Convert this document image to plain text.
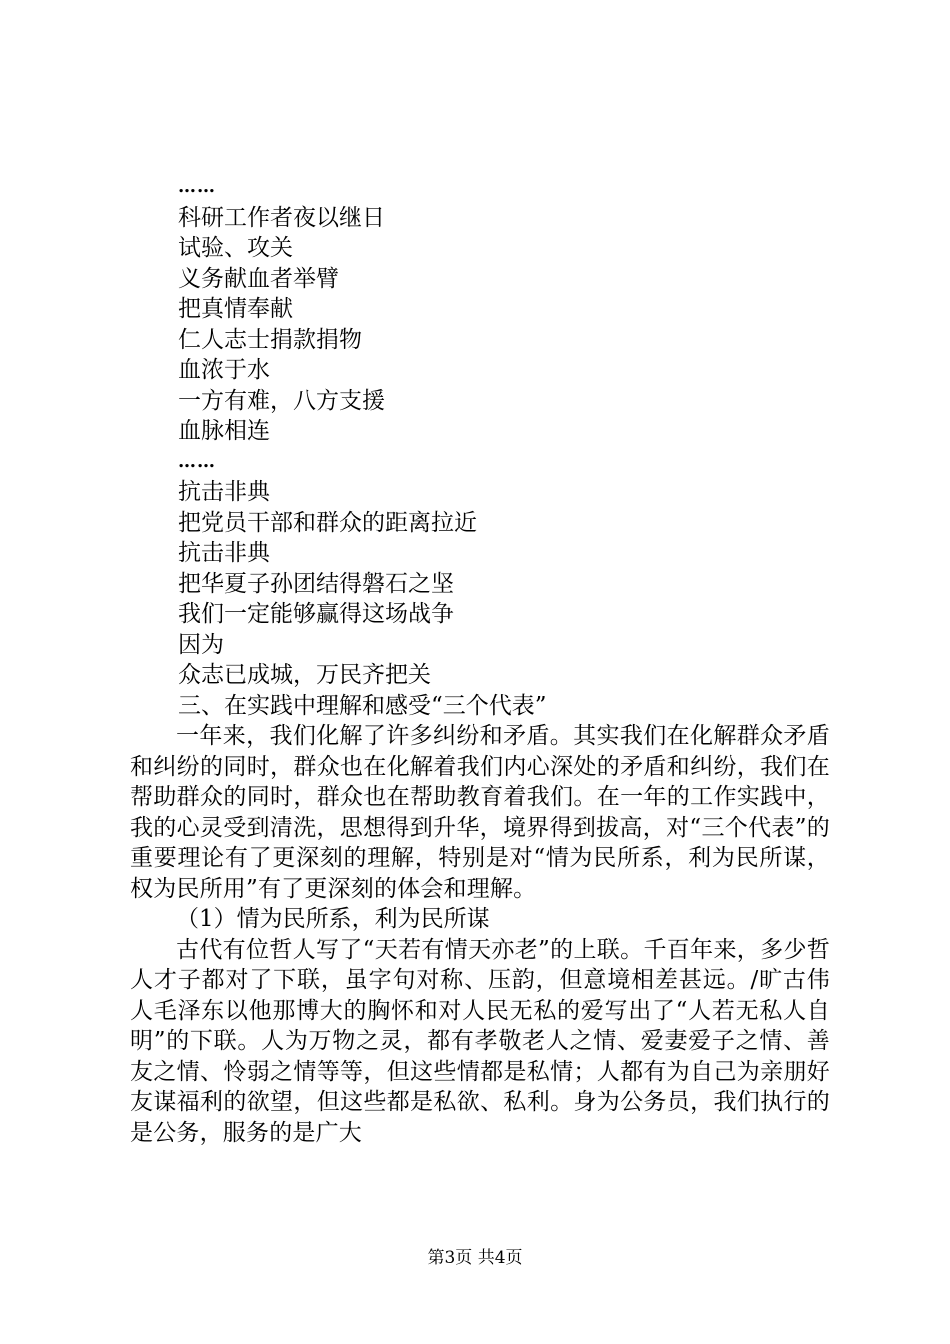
……
科研工作者夜以继日
试验、攻关
义务献血者举臂
把真情奉献
仁人志士捐款捐物
血浓于水
一方有难，八方支援
血脉相连
……
抗击非典
把党员干部和群众的距离拉近
抗击非典
把华夏子孙团结得磐石之坚
我们一定能够赢得这场战争
因为
众志已成城，万民齐把关
三、在实践中理解和感受“三个代表”

一年来，我们化解了许多纠纷和矛盾。其实我们在化解群众矛盾和纠纷的同时，群众也在化解着我们内心深处的矛盾和纠纷，我们在帮助群众的同时，群众也在帮助教育着我们。在一年的工作实践中，我的心灵受到清洗，思想得到升华，境界得到拔高，对“三个代表”的重要理论有了更深刻的理解，特别是对“情为民所系，利为民所谋，权为民所用”有了更深刻的体会和理解。

（1）情为民所系，利为民所谋

古代有位哲人写了“天若有情天亦老”的上联。千百年来，多少哲人才子都对了下联，虽字句对称、压韵，但意境相差甚远。/旷古伟人毛泽东以他那博大的胸怀和对人民无私的爱写出了“人若无私人自明”的下联。人为万物之灵，都有孝敬老人之情、爱妻爱子之情、善友之情、怜弱之情等等，但这些情都是私情；人都有为自己为亲朋好友谋福利的欲望，但这些都是私欲、私利。身为公务员，我们执行的是公务，服务的是广大

第3页 共4页
